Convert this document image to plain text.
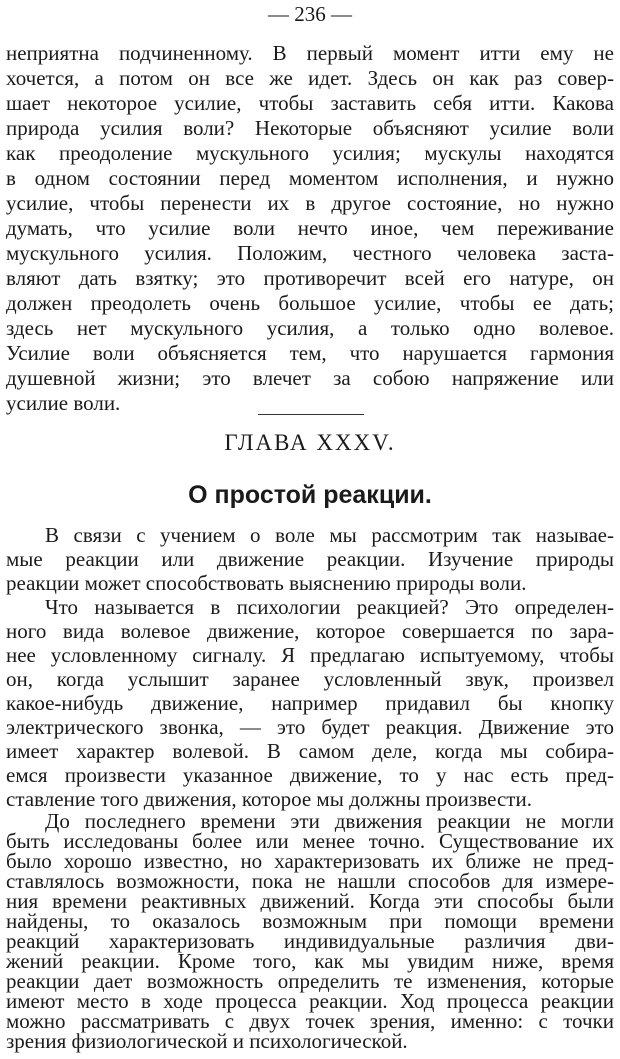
— 236 —
неприятна подчиненному. В первый момент итти ему не
хочется, а потом он все же идет. Здесь он как раз совер-
шает некоторое усилие, чтобы заставить себя итти. Какова
природа усилия воли? Некоторые объясняют усилие воли
как преодоление мускульного усилия; мускулы находятся
в одном состоянии перед моментом исполнения, и нужно
усилие, чтобы перенести их в другое состояние, но нужно
думать, что усилие воли нечто иное, чем переживание
мускульного усилия. Положим, честного человека заста-
вляют дать взятку; это противоречит всей его натуре, он
должен преодолеть очень большое усилие, чтобы ее дать;
здесь нет мускульного усилия, а только одно волевое.
Усилие воли объясняется тем, что нарушается гармония
душевной жизни; это влечет за собою напряжение или
усилие воли.
ГЛАВА XXXV.
О простой реакции.
В связи с учением о воле мы рассмотрим так называе-
мые реакции или движение реакции. Изучение природы
реакции может способствовать выяснению природы воли.
Что называется в психологии реакцией? Это определен-
ного вида волевое движение, которое совершается по зара-
нее условленному сигналу. Я предлагаю испытуемому, чтобы
он, когда услышит заранее условленный звук, произвел
какое-нибудь движение, например придавил бы кнопку
электрического звонка, — это будет реакция. Движение это
имеет характер волевой. В самом деле, когда мы собира-
емся произвести указанное движение, то у нас есть пред-
ставление того движения, которое мы должны произвести.
До последнего времени эти движения реакции не могли
быть исследованы более или менее точно. Существование их
было хорошо известно, но характеризовать их ближе не пред-
ставлялось возможности, пока не нашли способов для измере-
ния времени реактивных движений. Когда эти способы были
найдены, то оказалось возможным при помощи времени
реакций характеризовать индивидуальные различия дви-
жений реакции. Кроме того, как мы увидим ниже, время
реакции дает возможность определить те изменения, которые
имеют место в ходе процесса реакции. Ход процесса реакции
можно рассматривать с двух точек зрения, именно: с точки
зрения физиологической и психологической.
